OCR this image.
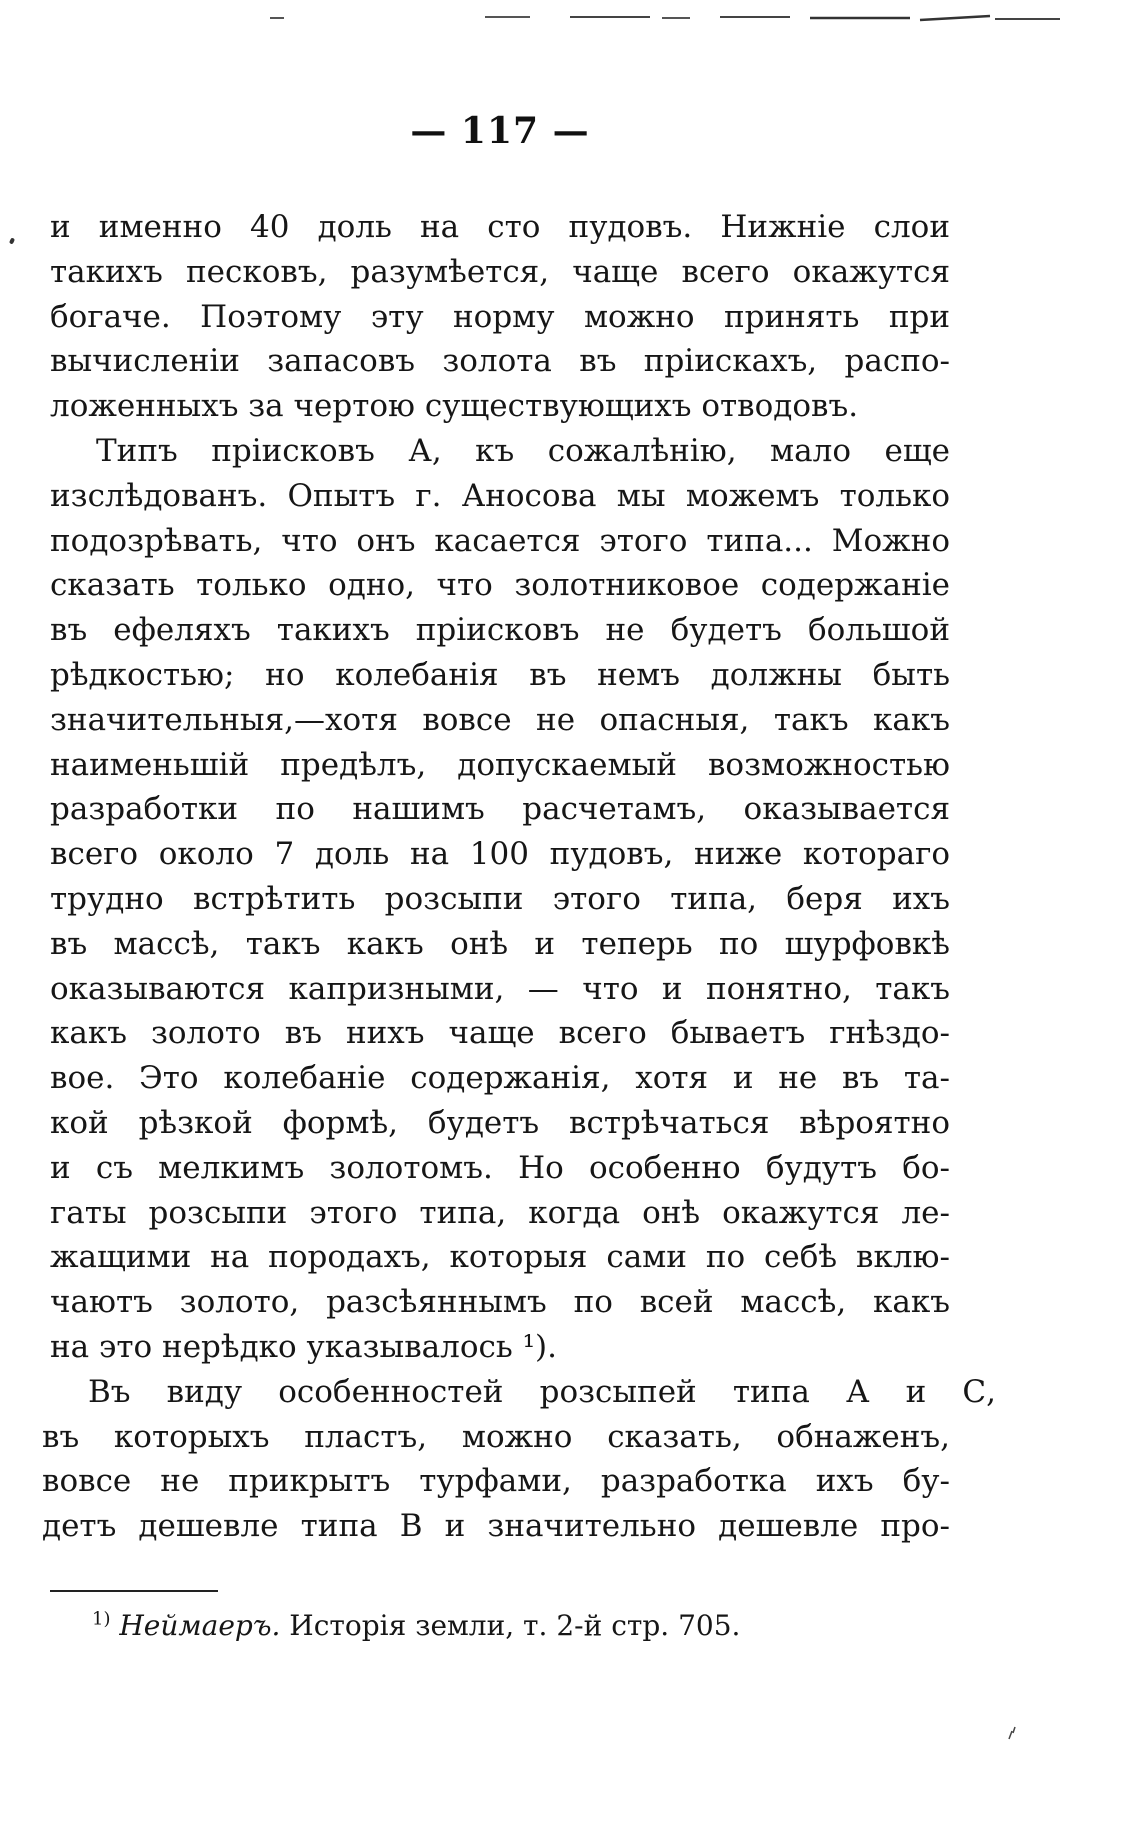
— 117 —
и именно 40 доль на сто пудовъ. Нижніе слои
такихъ песковъ, разумѣется, чаще всего окажутся
богаче. Поэтому эту норму можно принять при
вычисленіи запасовъ золота въ пріискахъ, распо-
ложенныхъ за чертою существующихъ отводовъ.
Типъ пріисковъ А, къ сожалѣнію, мало еще
изслѣдованъ. Опытъ г. Аносова мы можемъ только
подозрѣвать, что онъ касается этого типа... Можно
сказать только одно, что золотниковое содержаніе
въ ефеляхъ такихъ пріисковъ не будетъ большой
рѣдкостью; но колебанія въ немъ должны быть
значительныя,—хотя вовсе не опасныя, такъ какъ
наименьшій предѣлъ, допускаемый возможностью
разработки по нашимъ расчетамъ, оказывается
всего около 7 доль на 100 пудовъ, ниже котораго
трудно встрѣтить розсыпи этого типа, беря ихъ
въ массѣ, такъ какъ онѣ и теперь по шурфовкѣ
оказываются капризными, — что и понятно, такъ
какъ золото въ нихъ чаще всего бываетъ гнѣздо-
вое. Это колебаніе содержанія, хотя и не въ та-
кой рѣзкой формѣ, будетъ встрѣчаться вѣроятно
и съ мелкимъ золотомъ. Но особенно будутъ бо-
гаты розсыпи этого типа, когда онѣ окажутся ле-
жащими на породахъ, которыя сами по себѣ вклю-
чаютъ золото, разсѣяннымъ по всей массѣ, какъ
на это нерѣдко указывалось ¹).
Въ виду особенностей розсыпей типа А и С,
въ которыхъ пластъ, можно сказать, обнаженъ,
вовсе не прикрытъ турфами, разработка ихъ бу-
детъ дешевле типа В и значительно дешевле про-
$^{1)}$ Неймаеръ. Исторія земли, т. 2-й стр. 705.
